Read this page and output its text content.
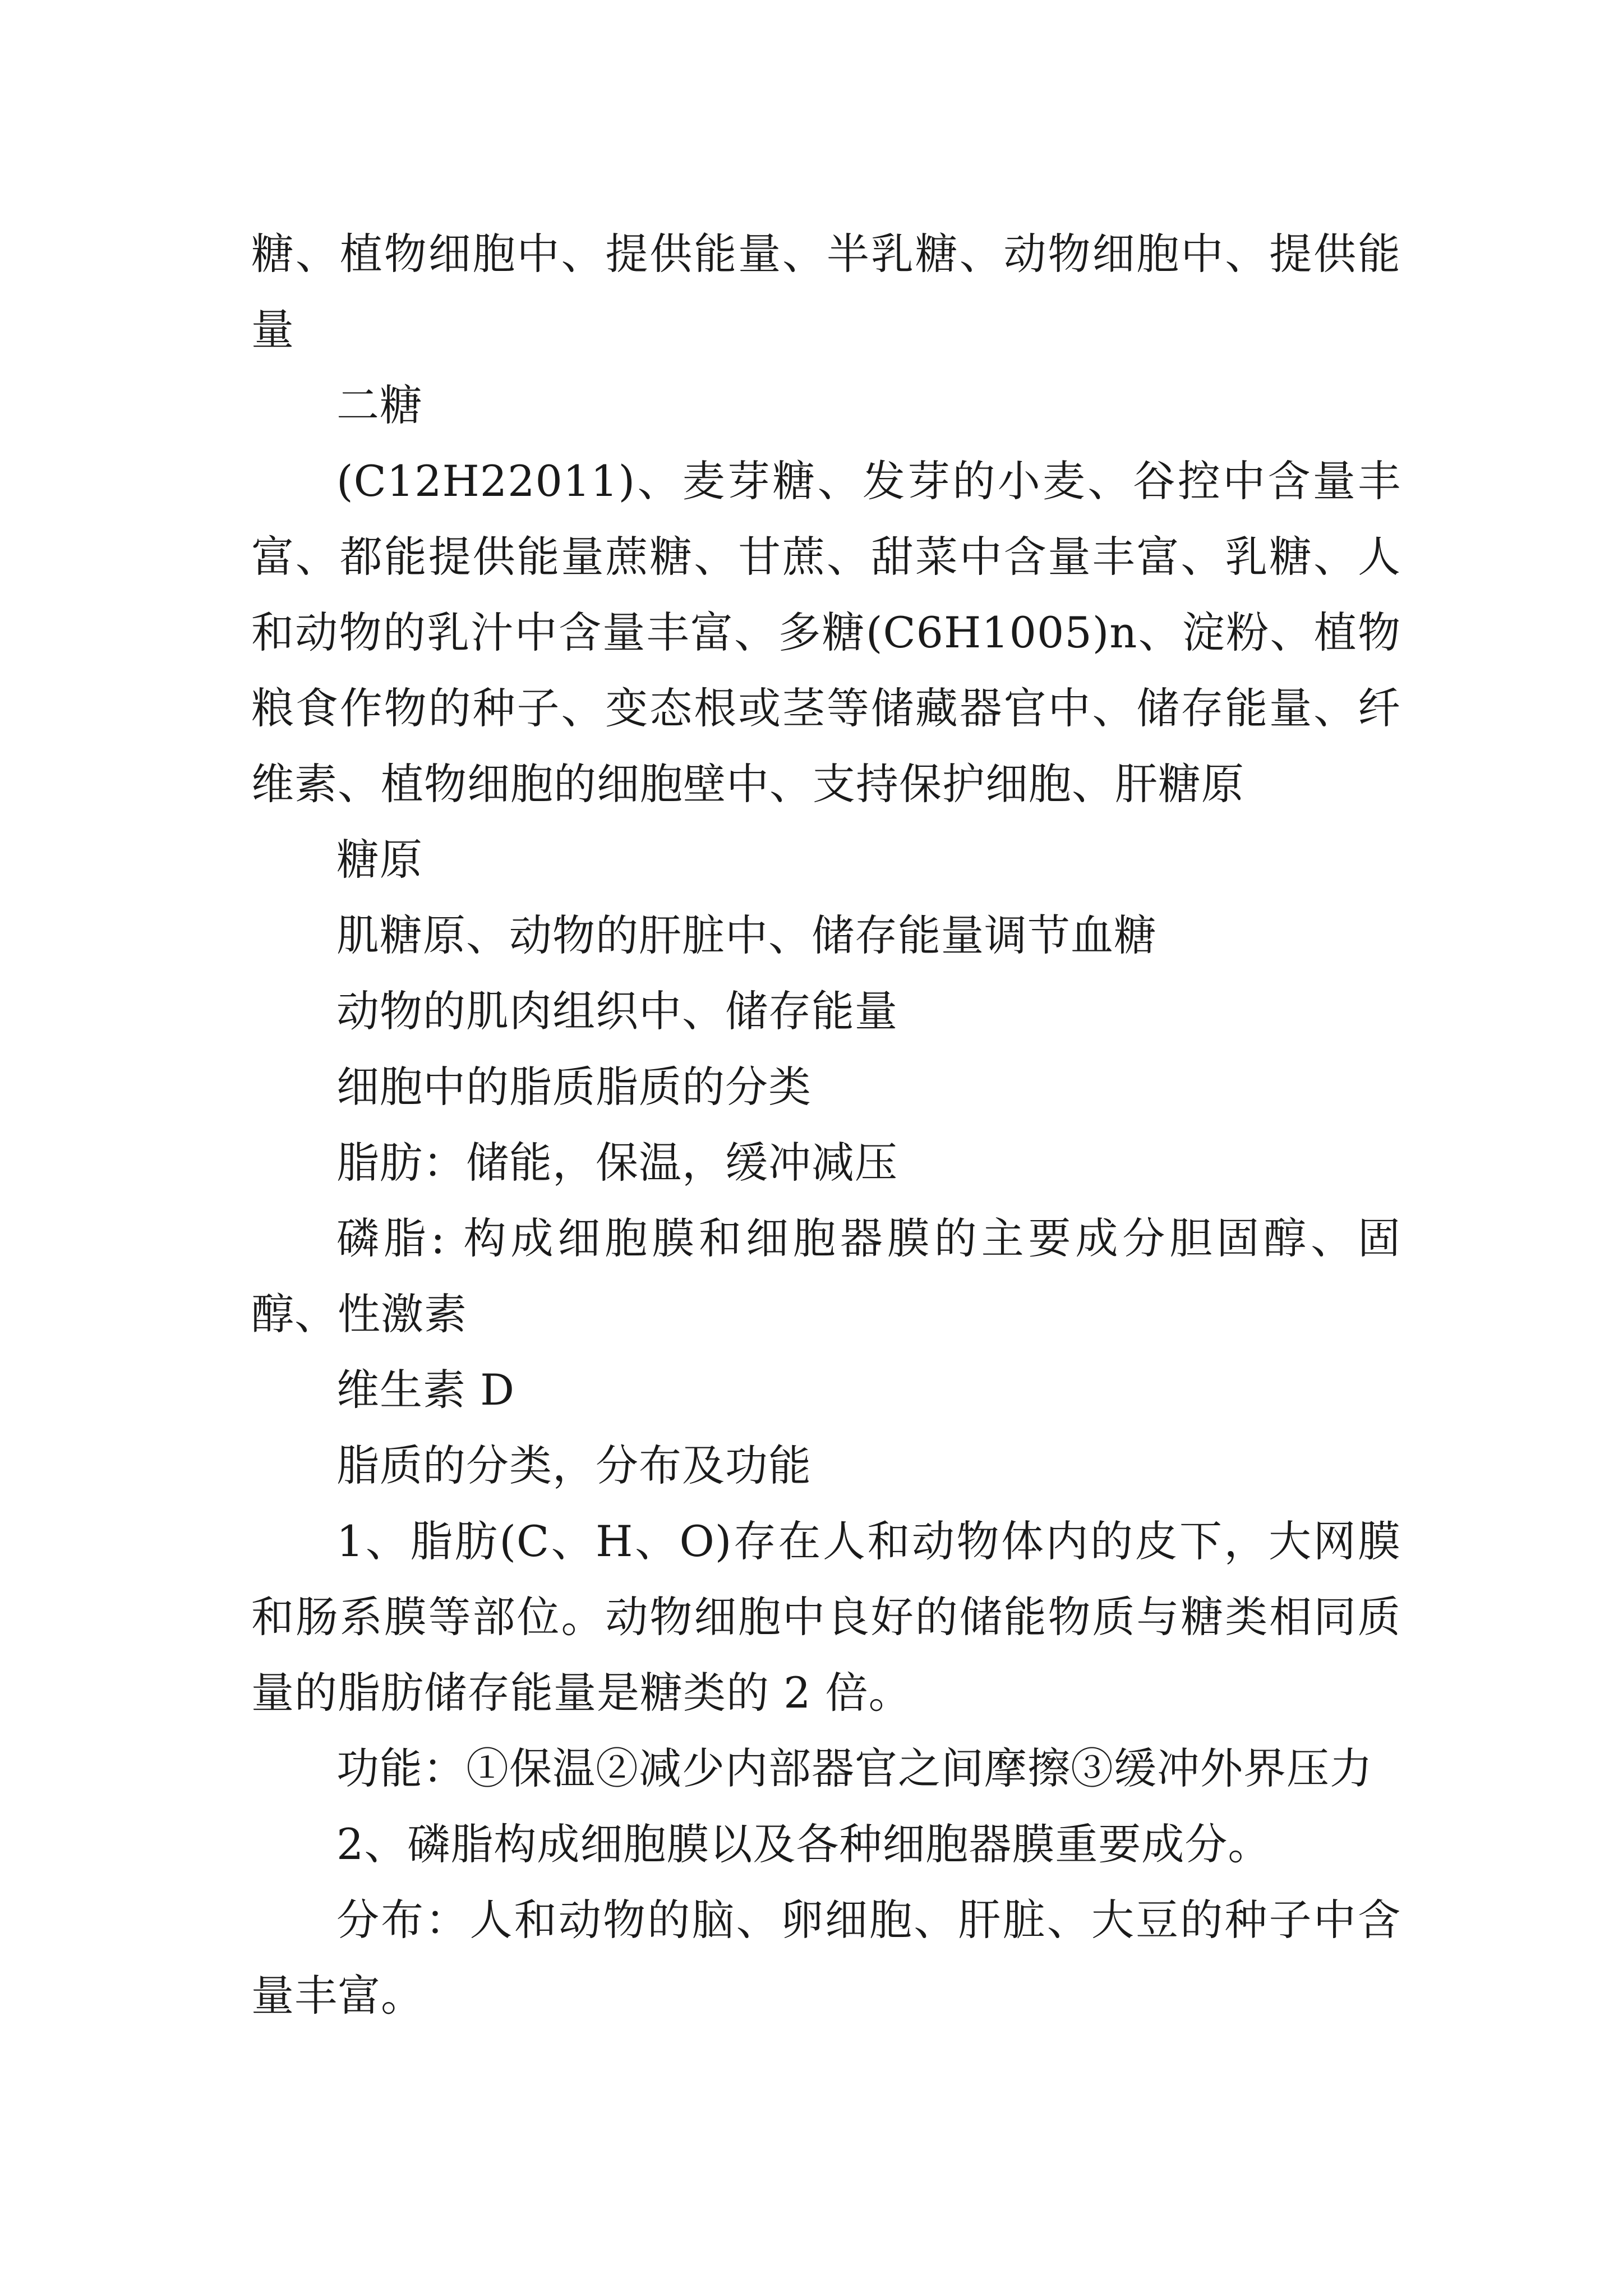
糖、植物细胞中、提供能量、半乳糖、动物细胞中、提供能量

二糖

(C12H22011)、麦芽糖、发芽的小麦、谷控中含量丰富、都能提供能量蔗糖、甘蔗、甜菜中含量丰富、乳糖、人和动物的乳汁中含量丰富、多糖(C6H1005)n、淀粉、植物粮食作物的种子、变态根或茎等储藏器官中、储存能量、纤维素、植物细胞的细胞壁中、支持保护细胞、肝糖原

糖原

肌糖原、动物的肝脏中、储存能量调节血糖

动物的肌肉组织中、储存能量

细胞中的脂质脂质的分类

脂肪：储能，保温，缓冲减压

磷脂: 构成细胞膜和细胞器膜的主要成分胆固醇、固醇、性激素

维生素 D

脂质的分类，分布及功能

1、脂肪(C、H、O)存在人和动物体内的皮下，大网膜和肠系膜等部位。动物细胞中良好的储能物质与糖类相同质量的脂肪储存能量是糖类的 2 倍。

功能：①保温②减少内部器官之间摩擦③缓冲外界压力

2、磷脂构成细胞膜以及各种细胞器膜重要成分。

分布：人和动物的脑、卵细胞、肝脏、大豆的种子中含量丰富。
